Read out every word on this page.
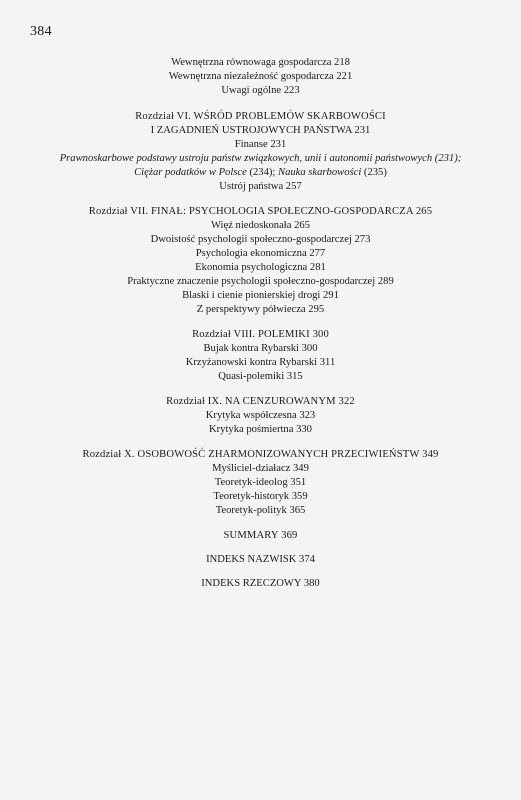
384
Wewnętrzna równowaga gospodarcza 218
Wewnętrzna niezależność gospodarcza 221
Uwagi ogólne 223
Rozdział VI. WŚRÓD PROBLEMÓW SKARBOWOŚCI
I ZAGADNIEŃ USTROJOWYCH PAŃSTWA 231
Finanse 231
Prawnoskarbowe podstawy ustroju państw związkowych, unii i autonomii państwowych (231);
Ciężar podatków w Polsce (234); Nauka skarbowości (235)
Ustrój państwa 257
Rozdział VII. FINAŁ: PSYCHOLOGIA SPOŁECZNO-GOSPODARCZA 265
Więź niedoskonała 265
Dwoistość psychologii społeczno-gospodarczej 273
Psychologia ekonomiczna 277
Ekonomia psychologiczna 281
Praktyczne znaczenie psychologii społeczno-gospodarczej 289
Blaski i cienie pionierskiej drogi 291
Z perspektywy półwiecza 295
Rozdział VIII. POLEMIKI 300
Bujak kontra Rybarski 300
Krzyżanowski kontra Rybarski 311
Quasi-polemiki 315
Rozdział IX. NA CENZUROWANYM 322
Krytyka współczesna 323
Krytyka pośmiertna 330
Rozdział X. OSOBOWOŚĆ ZHARMONIZOWANYCH PRZECIWIEŃSTW 349
Myśliciel-działacz 349
Teoretyk-ideolog 351
Teoretyk-historyk 359
Teoretyk-polityk 365
SUMMARY 369
INDEKS NAZWISK 374
INDEKS RZECZOWY 380
